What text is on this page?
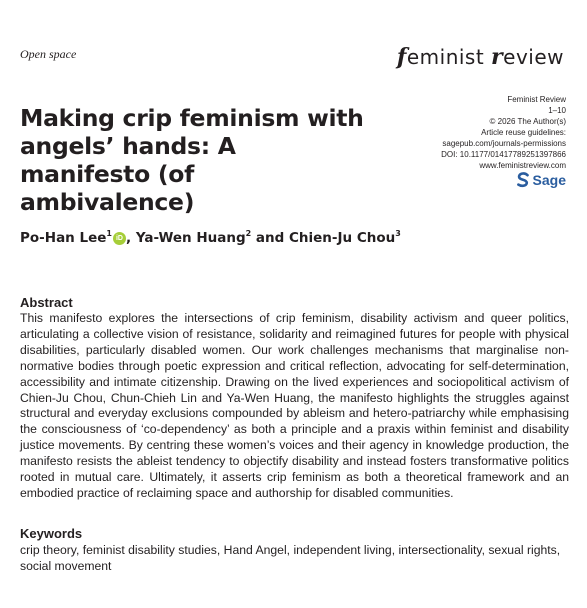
Open space	feminist review
Making crip feminism with angels’ hands: A manifesto (of ambivalence)
Feminist Review
1–10
© 2026 The Author(s)
Article reuse guidelines:
sagepub.com/journals-permissions
DOI: 10.1177/01417789251397866
www.feministreview.com
Sage
Po-Han Lee$^1$iD , Ya-Wen Huang$^2$ and Chien-Ju Chou$^3$
Abstract

This manifesto explores the intersections of crip feminism, disability activism and queer politics, articulating a collective vision of resistance, solidarity and reimagined futures for people with physical disabilities, particularly disabled women. Our work challenges mechanisms that marginalise non-normative bodies through poetic expression and critical reflection, advocating for self-determination, accessibility and intimate citizenship. Drawing on the lived experiences and sociopolitical activism of Chien-Ju Chou, Chun-Chieh Lin and Ya-Wen Huang, the manifesto highlights the struggles against structural and everyday exclusions compounded by ableism and hetero-patriarchy while emphasising the consciousness of ‘co-dependency’ as both a principle and a praxis within feminist and disability justice movements. By centring these women’s voices and their agency in knowledge production, the manifesto resists the ableist tendency to objectify disability and instead fosters transformative politics rooted in mutual care. Ultimately, it asserts crip feminism as both a theoretical framework and an embodied practice of reclaiming space and authorship for disabled communities.

Keywords

crip theory, feminist disability studies, Hand Angel, independent living, intersectionality, sexual rights, social movement
